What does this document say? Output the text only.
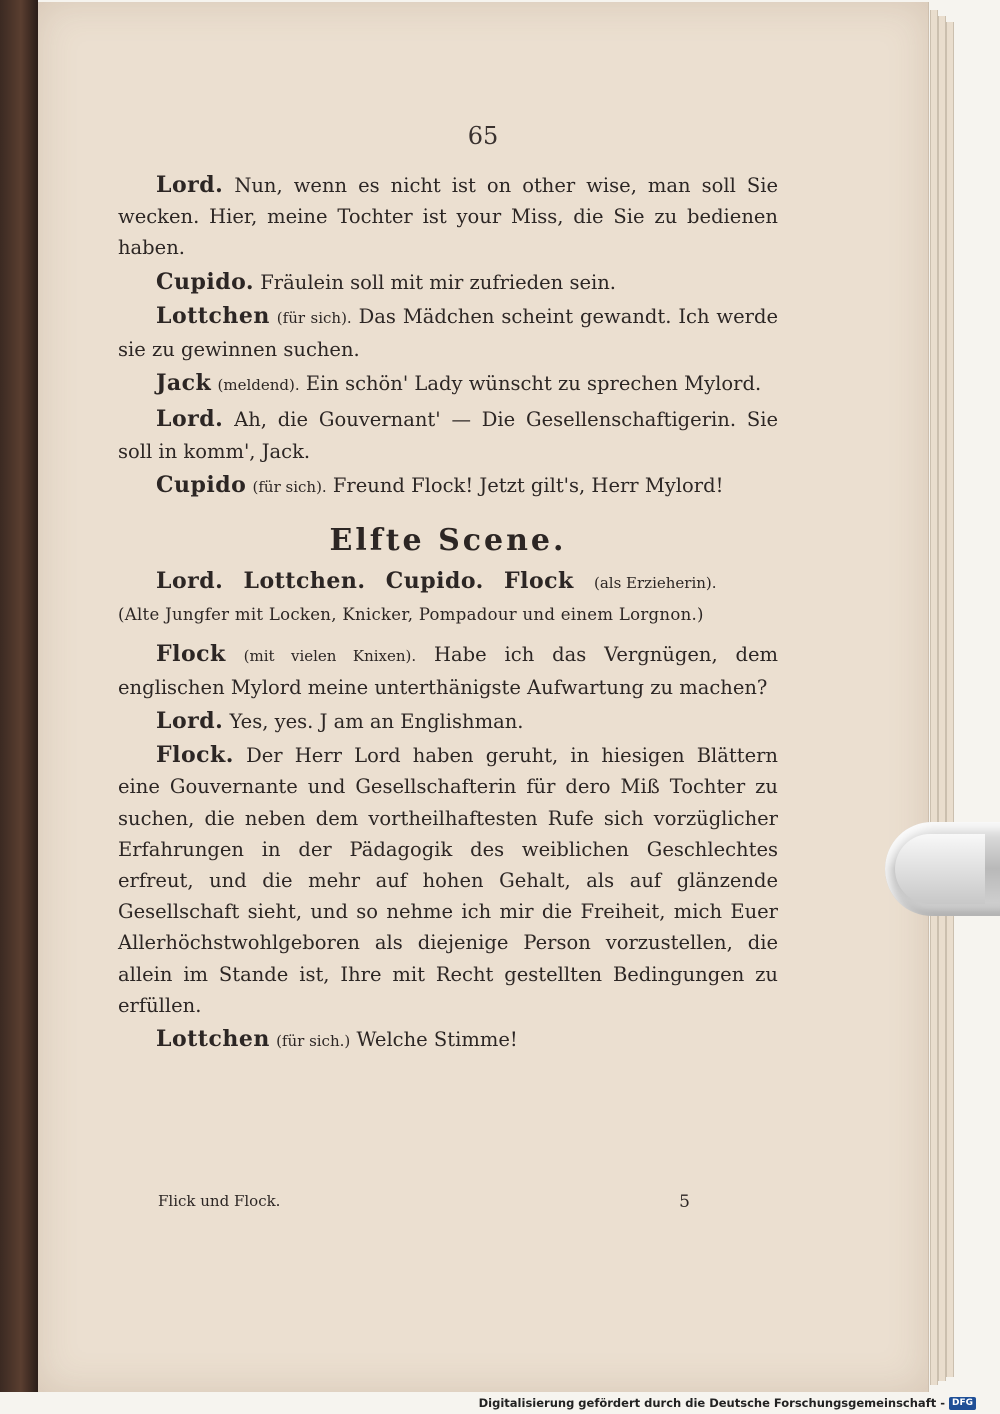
65

Lord. Nun, wenn es nicht ist on other wise, man soll Sie wecken. Hier, meine Tochter ist your Miss, die Sie zu bedienen haben.

Cupido. Fräulein soll mit mir zufrieden sein.

Lottchen (für sich). Das Mädchen scheint gewandt. Ich werde sie zu gewinnen suchen.

Jack (meldend). Ein schön' Lady wünscht zu sprechen Mylord.

Lord. Ah, die Gouvernant' — Die Gesellenschaftigerin. Sie soll in komm', Jack.

Cupido (für sich). Freund Flock! Jetzt gilt's, Herr Mylord!

Elfte Scene.

Lord. Lottchen. Cupido. Flock (als Erzieherin).

(Alte Jungfer mit Locken, Knicker, Pompadour und einem Lorgnon.)

Flock (mit vielen Knixen). Habe ich das Vergnügen, dem englischen Mylord meine unterthänigste Aufwartung zu machen?

Lord. Yes, yes. J am an Englishman.

Flock. Der Herr Lord haben geruht, in hiesigen Blättern eine Gouvernante und Gesellschafterin für dero Miß Tochter zu suchen, die neben dem vortheilhaftesten Rufe sich vorzüglicher Erfahrungen in der Pädagogik des weiblichen Geschlechtes erfreut, und die mehr auf hohen Gehalt, als auf glänzende Gesellschaft sieht, und so nehme ich mir die Freiheit, mich Euer Allerhöchstwohlgeboren als diejenige Person vorzustellen, die allein im Stande ist, Ihre mit Recht gestellten Bedingungen zu erfüllen.

Lottchen (für sich.) Welche Stimme!

Flick und Flock.	5
Digitalisierung gefördert durch die Deutsche Forschungsgemeinschaft - DFG
